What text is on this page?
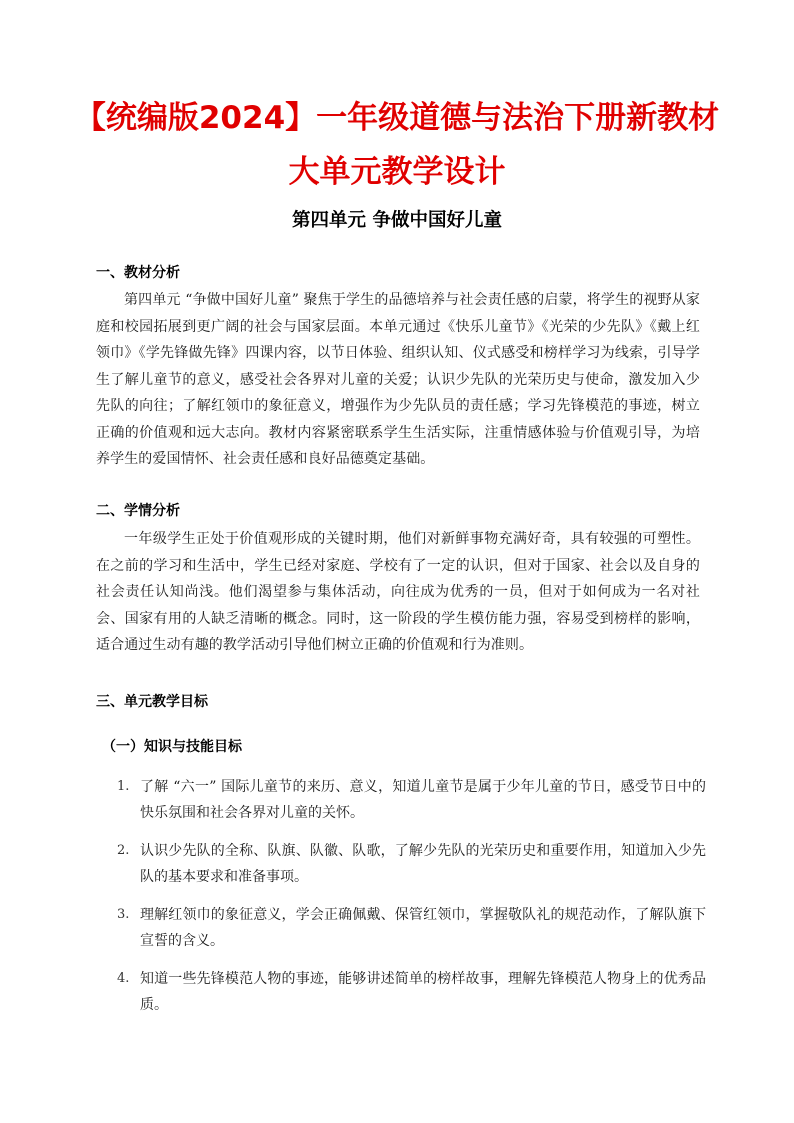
【统编版2024】一年级道德与法治下册新教材
大单元教学设计
第四单元 争做中国好儿童
一、教材分析

第四单元 “争做中国好儿童” 聚焦于学生的品德培养与社会责任感的启蒙，将学生的视野从家庭和校园拓展到更广阔的社会与国家层面。本单元通过《快乐儿童节》《光荣的少先队》《戴上红领巾》《学先锋做先锋》四课内容，以节日体验、组织认知、仪式感受和榜样学习为线索，引导学生了解儿童节的意义，感受社会各界对儿童的关爱；认识少先队的光荣历史与使命，激发加入少先队的向往；了解红领巾的象征意义，增强作为少先队员的责任感；学习先锋模范的事迹，树立正确的价值观和远大志向。教材内容紧密联系学生生活实际，注重情感体验与价值观引导，为培养学生的爱国情怀、社会责任感和良好品德奠定基础。

二、学情分析

一年级学生正处于价值观形成的关键时期，他们对新鲜事物充满好奇，具有较强的可塑性。在之前的学习和生活中，学生已经对家庭、学校有了一定的认识，但对于国家、社会以及自身的社会责任认知尚浅。他们渴望参与集体活动，向往成为优秀的一员，但对于如何成为一名对社会、国家有用的人缺乏清晰的概念。同时，这一阶段的学生模仿能力强，容易受到榜样的影响，适合通过生动有趣的教学活动引导他们树立正确的价值观和行为准则。

三、单元教学目标
（一）知识与技能目标
1. 了解 “六一” 国际儿童节的来历、意义，知道儿童节是属于少年儿童的节日，感受节日中的快乐氛围和社会各界对儿童的关怀。
2. 认识少先队的全称、队旗、队徽、队歌，了解少先队的光荣历史和重要作用，知道加入少先队的基本要求和准备事项。
3. 理解红领巾的象征意义，学会正确佩戴、保管红领巾，掌握敬队礼的规范动作，了解队旗下宣誓的含义。
4. 知道一些先锋模范人物的事迹，能够讲述简单的榜样故事，理解先锋模范人物身上的优秀品质。
